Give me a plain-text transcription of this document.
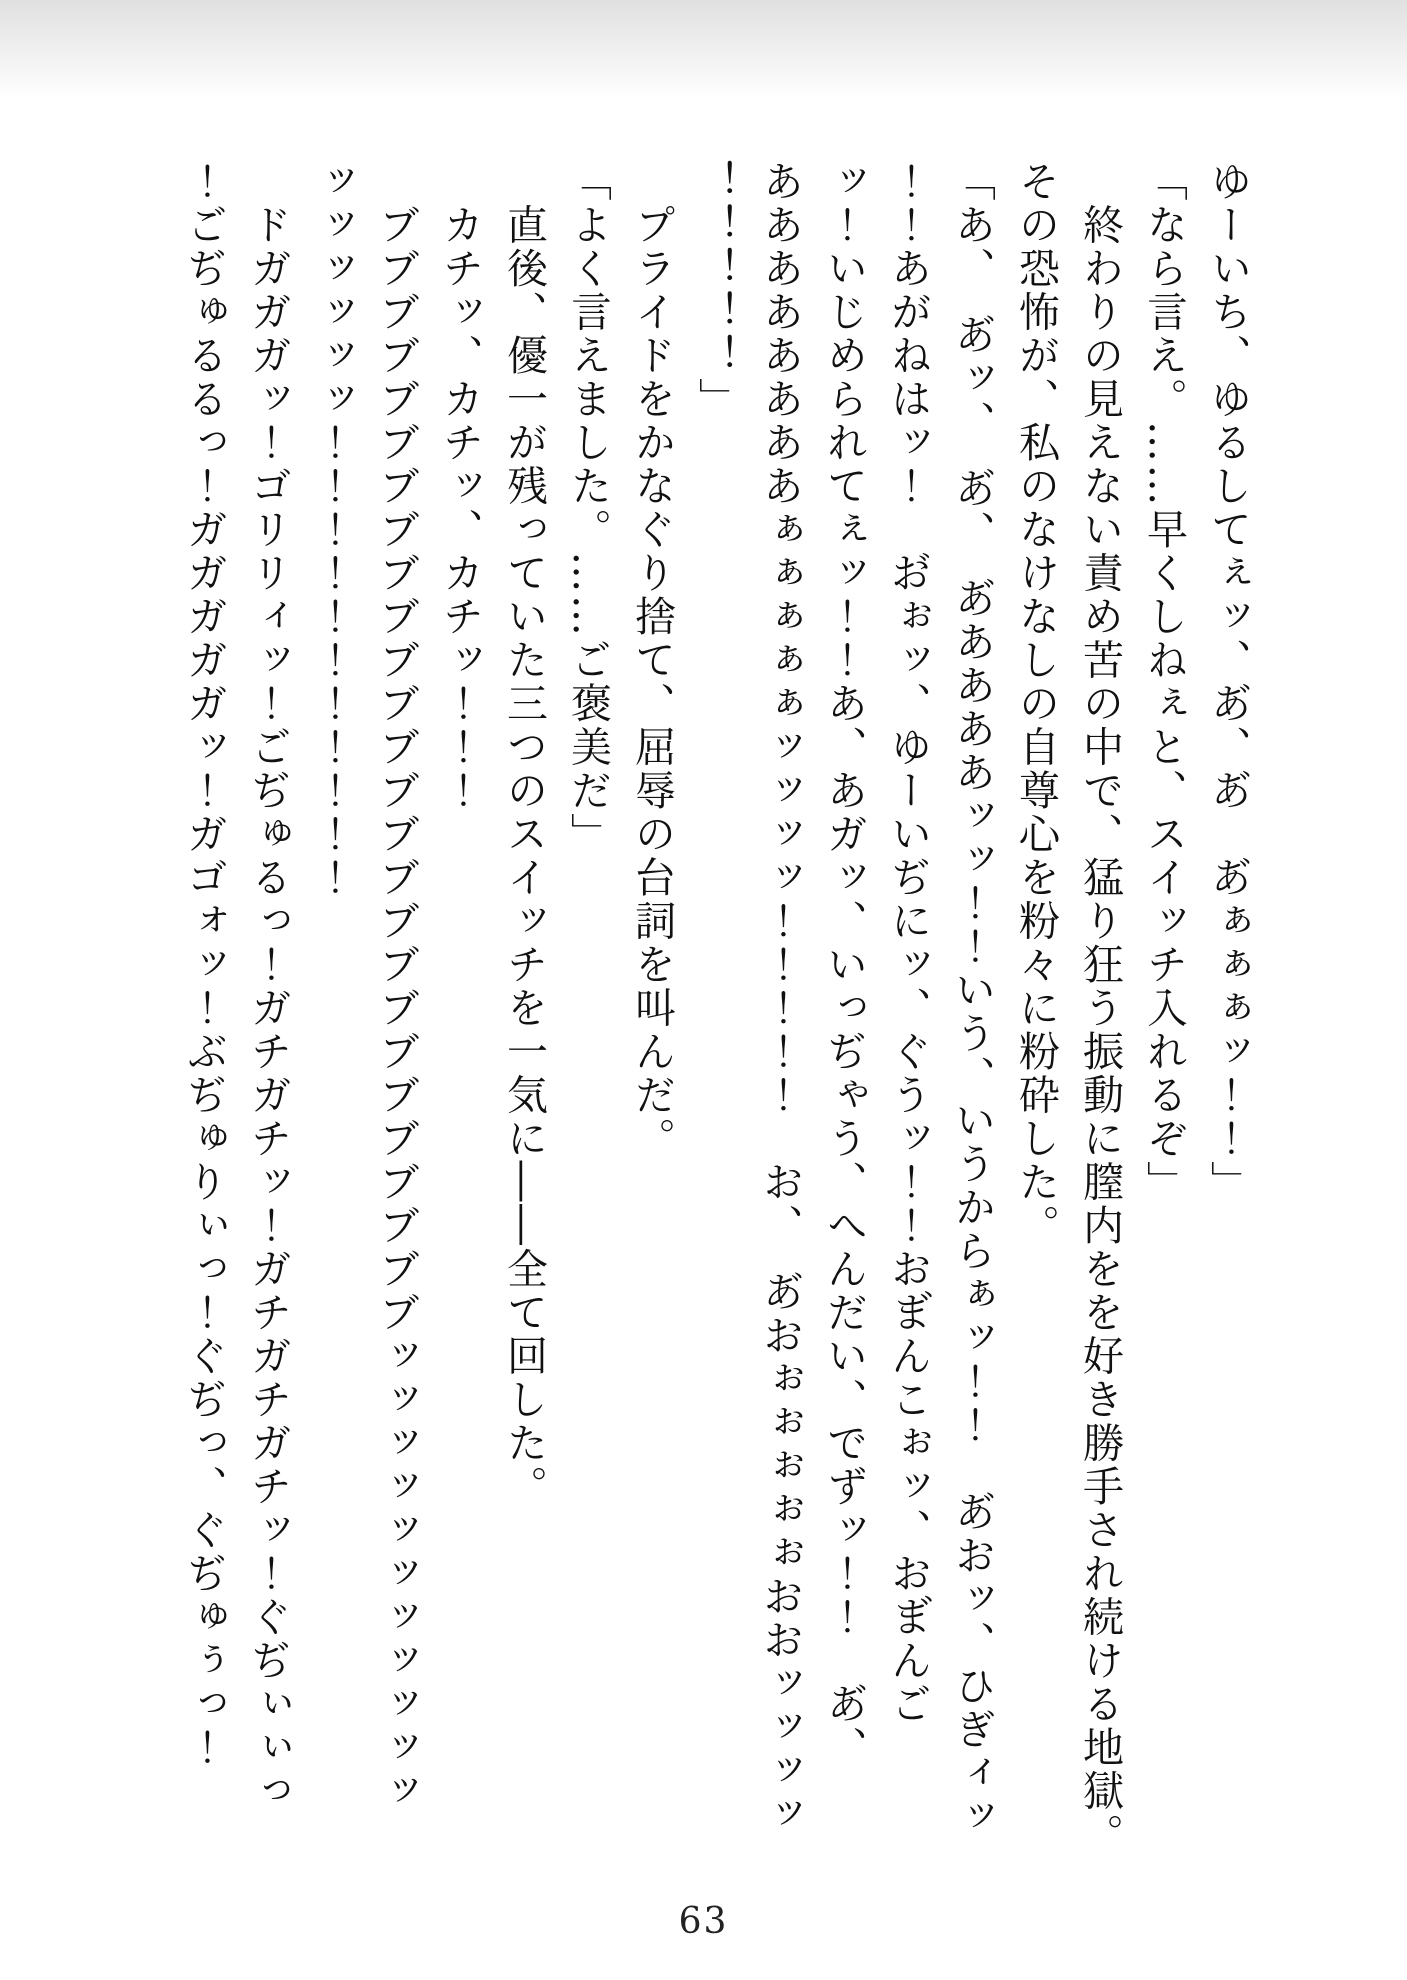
ゆーいち、ゆるしてぇッ、あ゙、あ゙　あ゙ぁぁぁッ！！」

「なら言え。……早くしねぇと、スイッチ入れるぞ」

　終わりの見えない責め苦の中で、猛り狂う振動に膣内をを好き勝手され続ける地獄。

その恐怖が、私のなけなしの自尊心を粉々に粉砕した。

「あ、　あ゙ッ、　あ゙、　あ゙ああああッッ！！いう、いうからぁッ！！　あ゙おッ、ひぎィッ

！！あがねはッ！　お゙ぉッ、ゆーいぢにッ、ぐうッ！！おま゙んこぉッ、おま゙んご

ッ！いじめられてぇッ！！あ、あガッ、いっぢゃう、へんだい、でずッ！！　あ゙、

ああああああああぁぁぁぁぁッッッッ！！！！！　お、　あ゙おぉぉぉぉぉおおッッッッ

！！！！！」

　プライドをかなぐり捨て、屈辱の台詞を叫んだ。

「よく言えました。……ご褒美だ」

　直後、優一が残っていた三つのスイッチを一気に――全て回した。

　カチッ、カチッ、カチッ！！！

　ブブブブブブブブブブブブブブブブブブブブブブブブブブッッッッッッッッッッッ

ッッッッッッ！！！！！！！！！！！

　ドガガガッ！ゴリリィッ！ごぢゅるっ！ガチガチッ！ガチガチガチッ！ぐぢぃぃっ

！ごぢゅるるっ！ガガガガガッ！ガゴォッ！ぶぢゅりぃっ！ぐぢっ、ぐぢゅぅっ！

63
